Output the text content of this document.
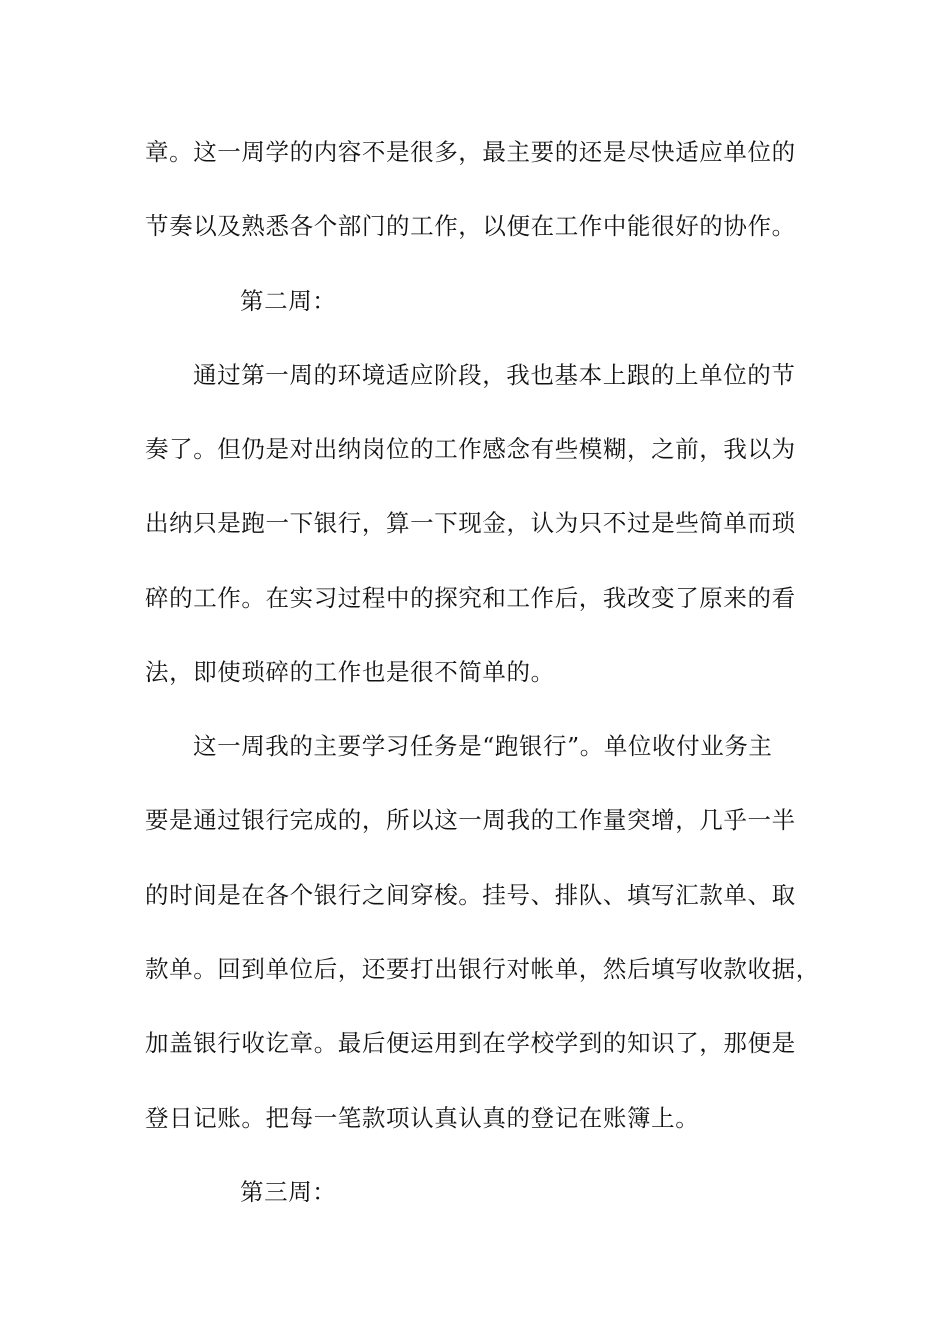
章。这一周学的内容不是很多，最主要的还是尽快适应单位的
节奏以及熟悉各个部门的工作，以便在工作中能很好的协作。
第二周：
通过第一周的环境适应阶段，我也基本上跟的上单位的节
奏了。但仍是对出纳岗位的工作感念有些模糊，之前，我以为
出纳只是跑一下银行，算一下现金，认为只不过是些简单而琐
碎的工作。在实习过程中的探究和工作后，我改变了原来的看
法，即使琐碎的工作也是很不简单的。
这一周我的主要学习任务是“跑银行”。单位收付业务主
要是通过银行完成的，所以这一周我的工作量突增，几乎一半
的时间是在各个银行之间穿梭。挂号、排队、填写汇款单、取
款单。回到单位后，还要打出银行对帐单，然后填写收款收据，
加盖银行收讫章。最后便运用到在学校学到的知识了，那便是
登日记账。把每一笔款项认真认真的登记在账簿上。
第三周：
